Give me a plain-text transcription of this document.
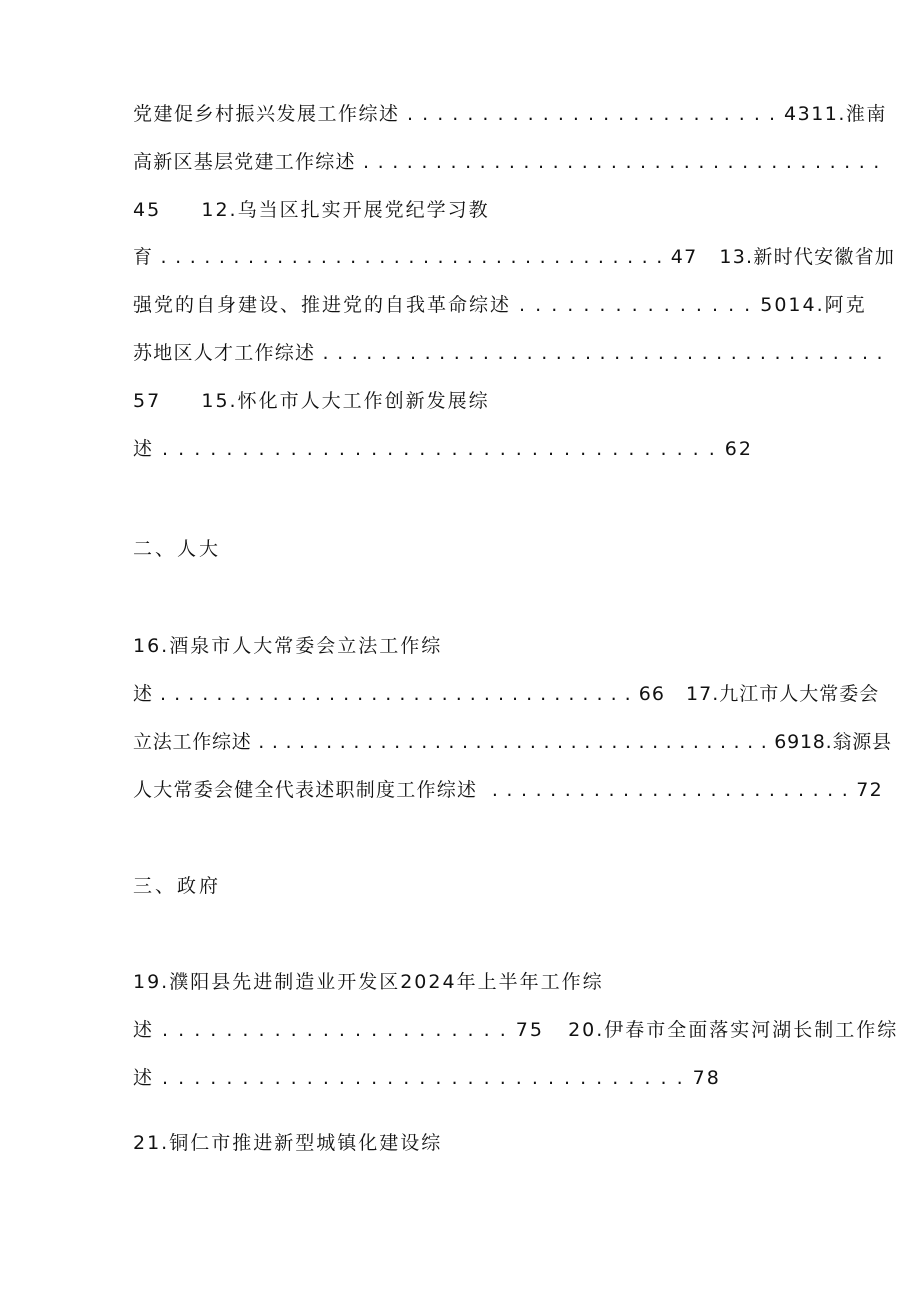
党建促乡村振兴发展工作综述 . . . . . . . . . . . . . . . . . . . . . . . . . 4311.淮南
高新区基层党建工作综述 . . . . . . . . . . . . . . . . . . . . . . . . . . . . . . . . . . . .
45     12.乌当区扎实开展党纪学习教
育 . . . . . . . . . . . . . . . . . . . . . . . . . . . . . . . . . . . 47   13.新时代安徽省加
强党的自身建设、推进党的自我革命综述 . . . . . . . . . . . . . . . 5014.阿克
苏地区人才工作综述 . . . . . . . . . . . . . . . . . . . . . . . . . . . . . . . . . . . . . . .
57     15.怀化市人大工作创新发展综
述 . . . . . . . . . . . . . . . . . . . . . . . . . . . . . . . . . . . 62
二、人大
16.酒泉市人大常委会立法工作综
述 . . . . . . . . . . . . . . . . . . . . . . . . . . . . . . . . . . 66   17.九江市人大常委会
立法工作综述 . . . . . . . . . . . . . . . . . . . . . . . . . . . . . . . . . . . . . . 6918.翁源县
人大常委会健全代表述职制度工作综述  . . . . . . . . . . . . . . . . . . . . . . . . . 72
三、政府
19.濮阳县先进制造业开发区2024年上半年工作综
述 . . . . . . . . . . . . . . . . . . . . . . 75   20.伊春市全面落实河湖长制工作综
述 . . . . . . . . . . . . . . . . . . . . . . . . . . . . . . . . . 78
21.铜仁市推进新型城镇化建设综
